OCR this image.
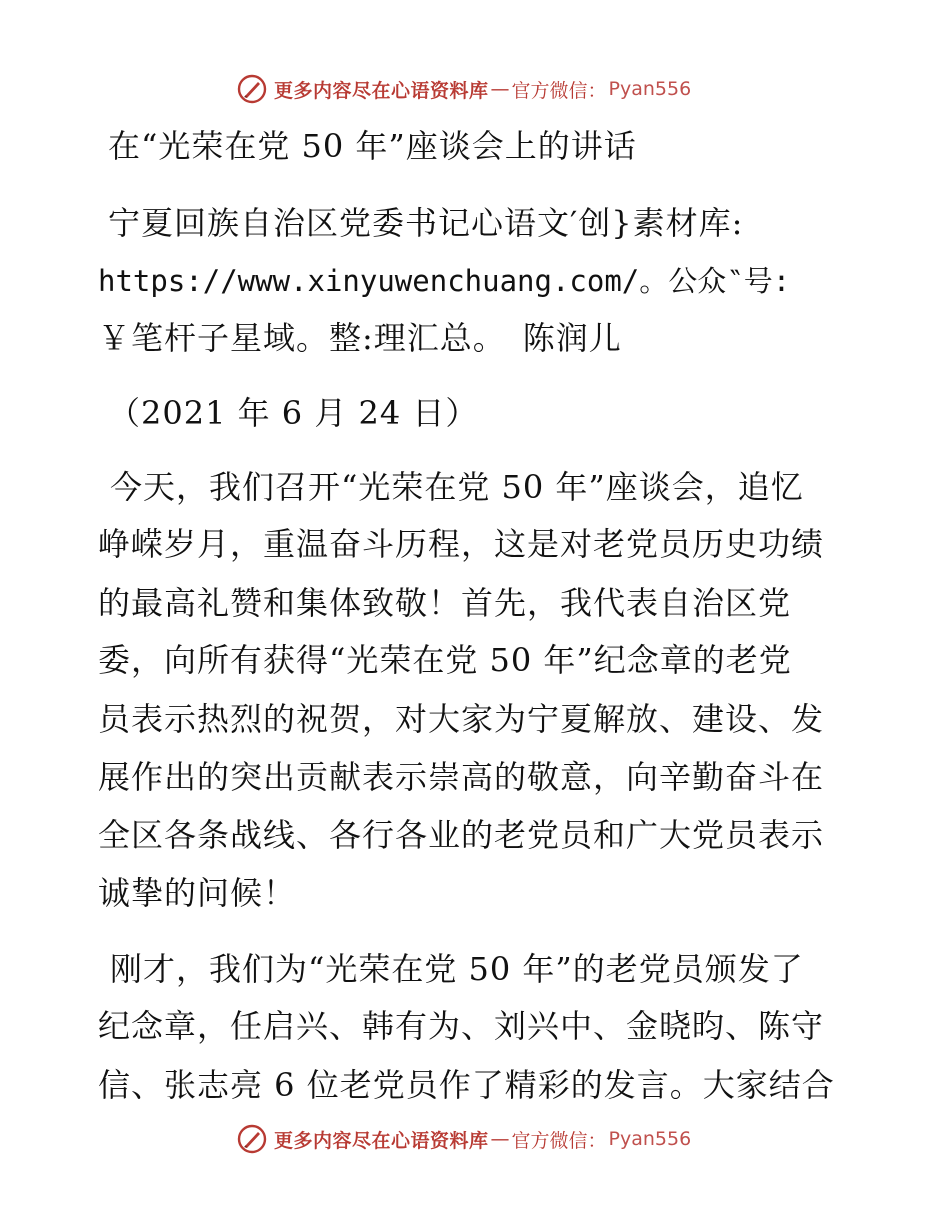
更多内容尽在心语资料库 — 官方微信： Pyan556
在“光荣在党 50 年”座谈会上的讲话
宁夏回族自治区党委书记心语文′创}素材库:
https://www.xinyuwenchuang.com/。公众‶号:
￥笔杆子星域。整:理汇总。　陈润儿
（2021 年 6 月 24 日）
今天，我们召开“光荣在党 50 年”座谈会，追忆
峥嵘岁月，重温奋斗历程，这是对老党员历史功绩
的最高礼赞和集体致敬！首先，我代表自治区党
委，向所有获得“光荣在党 50 年”纪念章的老党
员表示热烈的祝贺，对大家为宁夏解放、建设、发
展作出的突出贡献表示崇高的敬意，向辛勤奋斗在
全区各条战线、各行各业的老党员和广大党员表示
诚挚的问候！
刚才，我们为“光荣在党 50 年”的老党员颁发了
纪念章，任启兴、韩有为、刘兴中、金晓昀、陈守
信、张志亮 6 位老党员作了精彩的发言。大家结合
更多内容尽在心语资料库 — 官方微信： Pyan556
